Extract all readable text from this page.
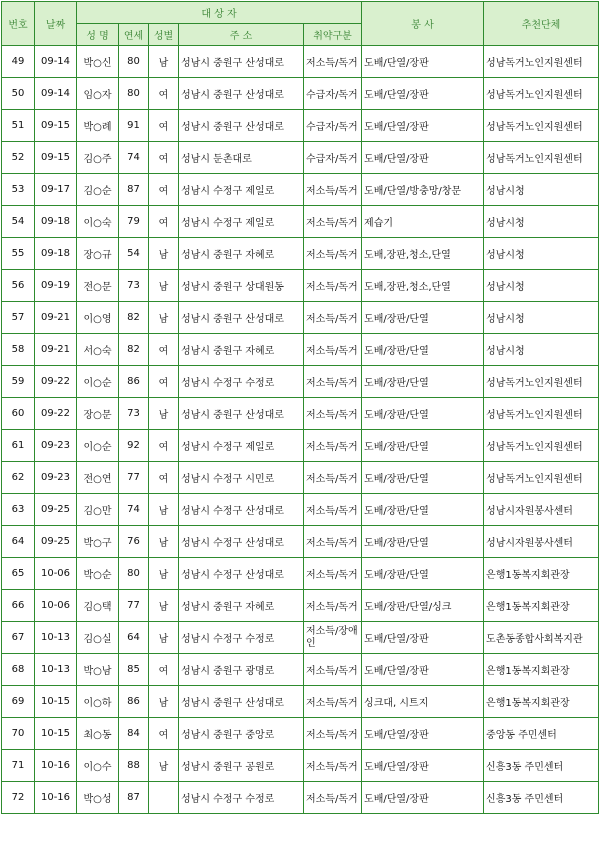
번호	날짜	대 상 자					봉 사	추천단체
		성 명	연세	성별	주 소	취약구분		
49	09-14	박○신	80	남	성남시 중원구 산성대로	저소득/독거	도배/단열/장판	성남독거노인지원센터
50	09-14	임○자	80	여	성남시 중원구 산성대로	수급자/독거	도배/단열/장판	성남독거노인지원센터
51	09-15	박○례	91	여	성남시 중원구 산성대로	수급자/독거	도배/단열/장판	성남독거노인지원센터
52	09-15	김○주	74	여	성남시 둔촌대로	수급자/독거	도배/단열/장판	성남독거노인지원센터
53	09-17	김○순	87	여	성남시 수정구 제일로	저소득/독거	도배/단열/방충망/창문	성남시청
54	09-18	이○숙	79	여	성남시 수정구 제일로	저소득/독거	제습기	성남시청
55	09-18	장○규	54	남	성남시 중원구 자혜로	저소득/독거	도배,장판,청소,단열	성남시청
56	09-19	전○문	73	남	성남시 중원구 상대원동	저소득/독거	도배,장판,청소,단열	성남시청
57	09-21	이○영	82	남	성남시 중원구 산성대로	저소득/독거	도배/장판/단열	성남시청
58	09-21	서○숙	82	여	성남시 중원구 자혜로	저소득/독거	도배/장판/단열	성남시청
59	09-22	이○순	86	여	성남시 수정구 수정로	저소득/독거	도배/장판/단열	성남독거노인지원센터
60	09-22	장○문	73	남	성남시 중원구 산성대로	저소득/독거	도배/장판/단열	성남독거노인지원센터
61	09-23	이○순	92	여	성남시 수정구 제일로	저소득/독거	도배/장판/단열	성남독거노인지원센터
62	09-23	전○연	77	여	성남시 수정구 시민로	저소득/독거	도배/장판/단열	성남독거노인지원센터
63	09-25	김○만	74	남	성남시 수정구 산성대로	저소득/독거	도배/장판/단열	성남시자원봉사센터
64	09-25	박○구	76	남	성남시 수정구 산성대로	저소득/독거	도배/장판/단열	성남시자원봉사센터
65	10-06	박○순	80	남	성남시 수정구 산성대로	저소득/독거	도배/장판/단열	은행1동복지회관장
66	10-06	김○택	77	남	성남시 중원구 자혜로	저소득/독거	도배/장판/단열/싱크	은행1동복지회관장
67	10-13	김○실	64	남	성남시 수정구 수정로	저소득/장애인	도배/단열/장판	도촌동종합사회복지관
68	10-13	박○남	85	여	성남시 중원구 광명로	저소득/독거	도배/단열/장판	은행1동복지회관장
69	10-15	이○하	86	남	성남시 중원구 산성대로	저소득/독거	싱크대, 시트지	은행1동복지회관장
70	10-15	최○동	84	여	성남시 중원구 중앙로	저소득/독거	도배/단열/장판	중앙동 주민센터
71	10-16	이○수	88	남	성남시 중원구 공원로	저소득/독거	도배/단열/장판	신흥3동 주민센터
72	10-16	박○성	87		성남시 수정구 수정로	저소득/독거	도배/단열/장판	신흥3동 주민센터
